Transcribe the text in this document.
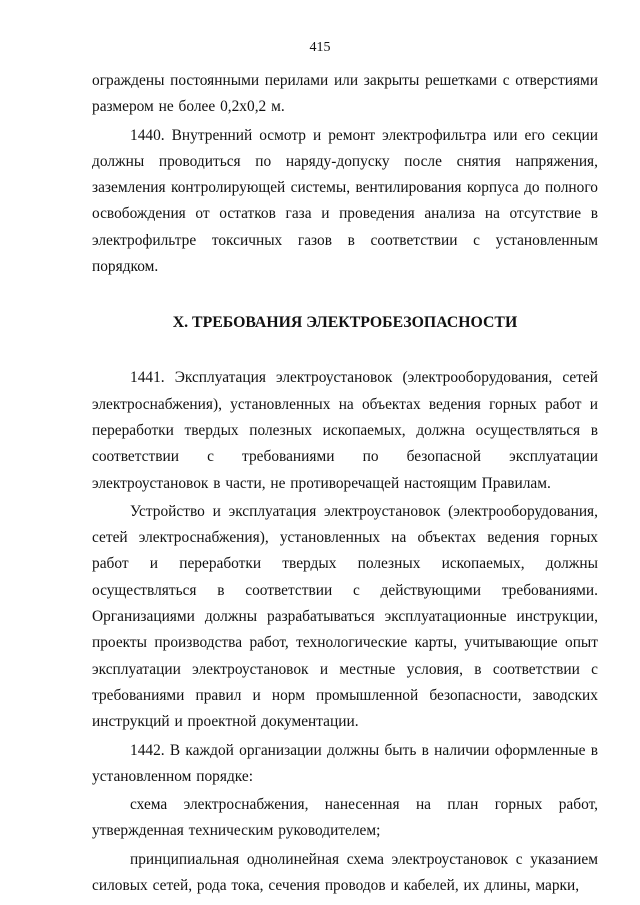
415

ограждены постоянными перилами или закрыты решетками с отверстиями размером не более 0,2х0,2 м.

1440. Внутренний осмотр и ремонт электрофильтра или его секции должны проводиться по наряду-допуску после снятия напряжения, заземления контролирующей системы, вентилирования корпуса до полного освобождения от остатков газа и проведения анализа на отсутствие в электрофильтре токсичных газов в соответствии с установленным порядком.

X. ТРЕБОВАНИЯ ЭЛЕКТРОБЕЗОПАСНОСТИ

1441. Эксплуатация электроустановок (электрооборудования, сетей электроснабжения), установленных на объектах ведения горных работ и переработки твердых полезных ископаемых, должна осуществляться в соответствии с требованиями по безопасной эксплуатации электроустановок в части, не противоречащей настоящим Правилам.

Устройство и эксплуатация электроустановок (электрооборудования, сетей электроснабжения), установленных на объектах ведения горных работ и переработки твердых полезных ископаемых, должны осуществляться в соответствии с действующими требованиями. Организациями должны разрабатываться эксплуатационные инструкции, проекты производства работ, технологические карты, учитывающие опыт эксплуатации электроустановок и местные условия, в соответствии с требованиями правил и норм промышленной безопасности, заводских инструкций и проектной документации.

1442. В каждой организации должны быть в наличии оформленные в установленном порядке:

схема электроснабжения, нанесенная на план горных работ, утвержденная техническим руководителем;

принципиальная однолинейная схема электроустановок с указанием силовых сетей, рода тока, сечения проводов и кабелей, их длины, марки,
